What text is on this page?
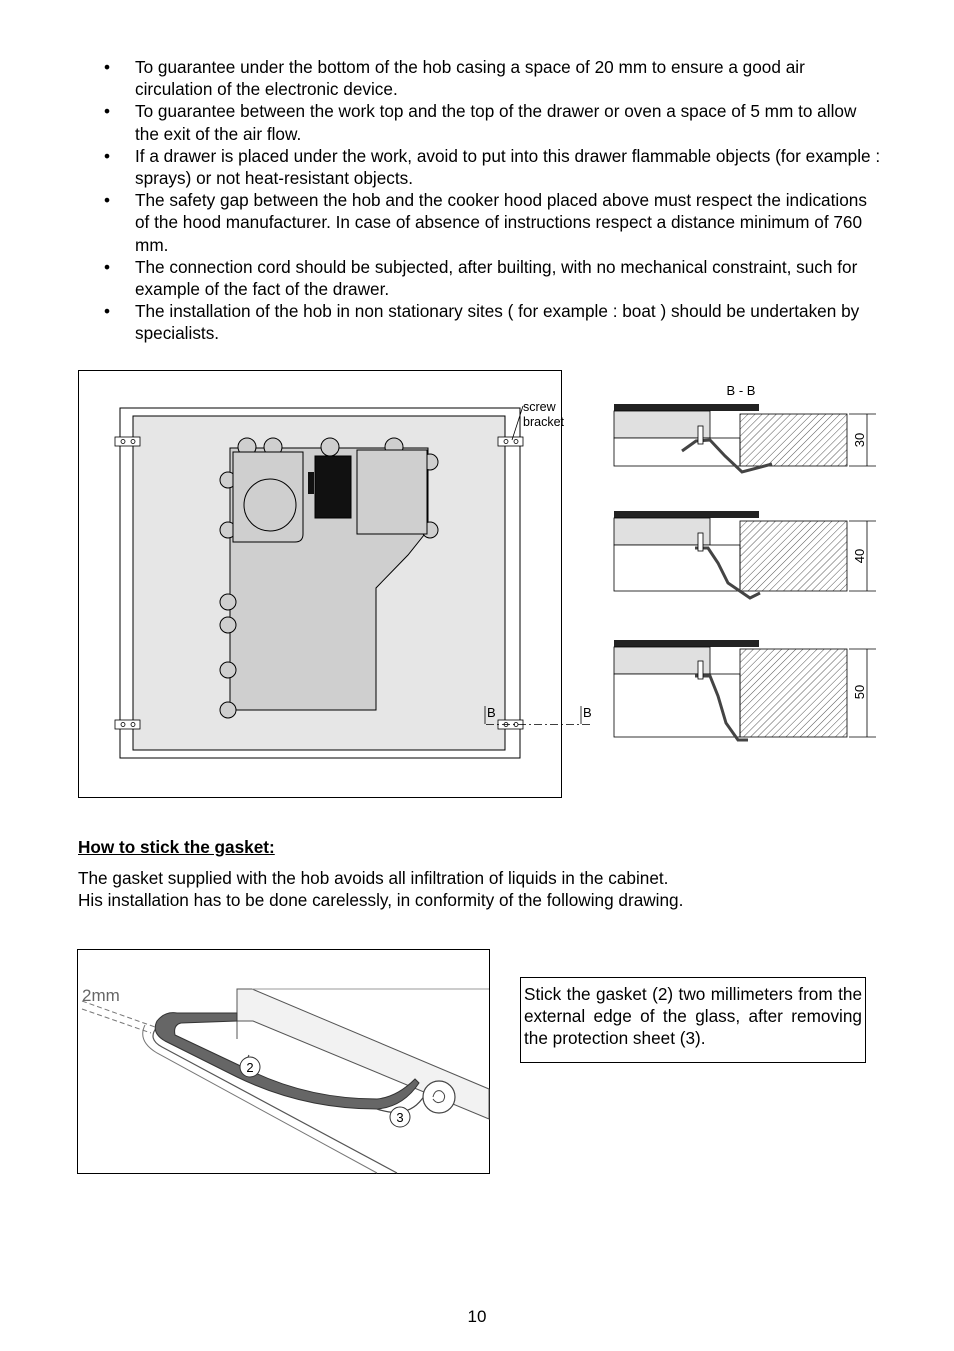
• To guarantee under the bottom of the hob casing a space of 20 mm to ensure a good air circulation of the electronic device.
• To guarantee between the work top and the top of the drawer or oven a space of 5 mm to allow the exit of the air flow.
• If a drawer is placed under the work, avoid to put into this drawer flammable objects (for example : sprays) or not heat-resistant objects.
• The safety gap between the hob and the cooker hood placed above must respect the indications of the hood manufacturer. In case of absence of instructions respect a distance minimum of 760 mm.
• The connection cord should be subjected, after builting, with no mechanical constraint, such for example of the fact of the drawer.
• The installation of the hob in non stationary sites ( for example : boat ) should be undertaken by specialists.
screw
bracket
B	B
B - B
30
40
50
How to stick the gasket:
The gasket supplied with the hob avoids all infiltration of liquids in the cabinet.
His installation has to be done carelessly, in conformity of the following drawing.
2
3
2mm	Stick the gasket (2) two millimeters from the external edge of the glass, after removing the protection sheet (3).
10
